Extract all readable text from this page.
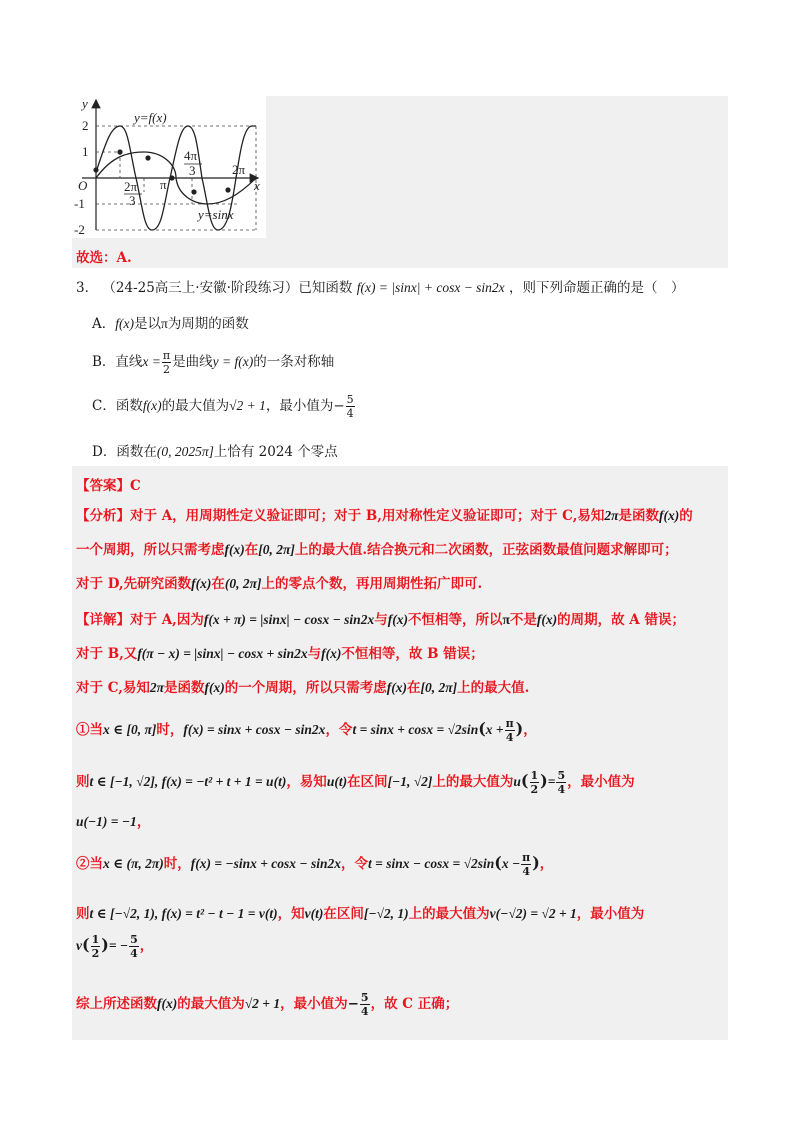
y
x
O
y=f(x)
y=sinx
2
1
-1
-2
2π
3
π
4π
3	2π
故选：A.
3． （24-25高三上·安徽·阶段练习）已知函数 f(x) = |sinx| + cosx − sin2x ，则下列命题正确的是（　）
A．f(x)是以π为周期的函数
B．直线$x = \frac{\pi}{2}$ 是曲线y = f(x)的一条对称轴
C．函数f(x)的最大值为√2 + 1，最小值为− $\frac{5}{4}$
D．函数在(0, 2025π]上恰有 2024 个零点
【答案】C
【分析】对于 A，用周期性定义验证即可；对于 B,用对称性定义验证即可；对于 C,易知2π是函数f(x)的
一个周期，所以只需考虑f(x)在[0, 2π]上的最大值.结合换元和二次函数，正弦函数最值问题求解即可；
对于 D,先研究函数f(x)在(0, 2π]上的零点个数，再用周期性拓广即可.
【详解】对于 A,因为f(x + π) = |sinx| − cosx − sin2x与f(x)不恒相等，所以π不是f(x)的周期，故 A 错误；
对于 B,又f(π − x) = |sinx| − cosx + sin2x与f(x)不恒相等，故 B 错误；
对于 C,易知2π是函数f(x)的一个周期，所以只需考虑f(x)在[0, 2π]上的最大值.
①当x ∈ [0, π]时，f(x) = sinx + cosx − sin2x，令$t = \sin x + \cos x = √2\sin(x + \frac{\pi}{4}$ )，
则t ∈ [−1, √2], f(x) = −t² + t + 1 = u(t)，易知u(t)在区间[−1, √2]上的最大值为$u( \frac{1}{2}$ )= $\frac{5}{4}$ ，最小值为
u(−1) = −1，
②当x ∈ (π, 2π)时，f(x) = −sinx + cosx − sin2x，令$t = \sin x - \cos x = √2\sin(x - \frac{\pi}{4}$ )，
则t ∈ [−√2, 1), f(x) = t² − t − 1 = v(t)，知v(t)在区间[−√2, 1)上的最大值为v(−√2) = √2 + 1，最小值为
$v( \frac{1}{2}$ )= − $\frac{5}{4}$ ，
综上所述函数f(x)的最大值为√2 + 1，最小值为− $\frac{5}{4}$ ，故 C 正确；
